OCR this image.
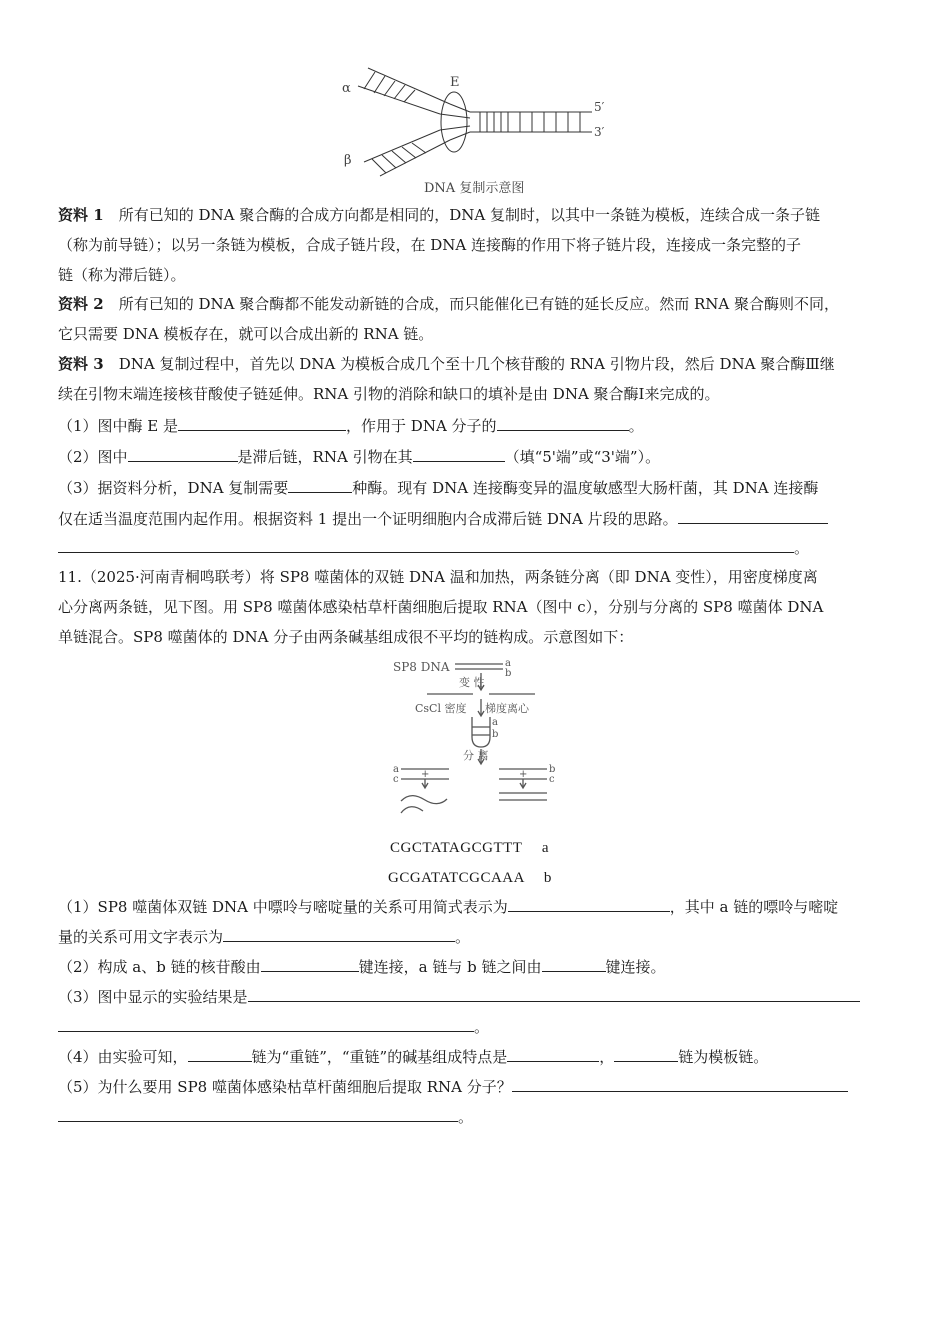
α
β
E
5′
3′
DNA 复制示意图
资料 1　 所有已知的 DNA 聚合酶的合成方向都是相同的，DNA 复制时，以其中一条链为模板，连续合成一条子链
（称为前导链）；以另一条链为模板，合成子链片段，在 DNA 连接酶的作用下将子链片段，连接成一条完整的子
链（称为滞后链）。
资料 2　 所有已知的 DNA 聚合酶都不能发动新链的合成，而只能催化已有链的延长反应。然而 RNA 聚合酶则不同，
它只需要 DNA 模板存在，就可以合成出新的 RNA 链。
资料 3　 DNA 复制过程中，首先以 DNA 为模板合成几个至十几个核苷酸的 RNA 引物片段，然后 DNA 聚合酶Ⅲ继
续在引物末端连接核苷酸使子链延伸。RNA 引物的消除和缺口的填补是由 DNA 聚合酶Ⅰ来完成的。
（1）图中酶 E 是	，作用于 DNA 分子的	。
（2）图中	是滞后链，RNA 引物在其	（填“5'端”或“3'端”）。
（3）据资料分析，DNA 复制需要	种酶。现有 DNA 连接酶变异的温度敏感型大肠杆菌，其 DNA 连接酶
仅在适当温度范围内起作用。根据资料 1 提出一个证明细胞内合成滞后链 DNA 片段的思路。
。
11.（2025·河南青桐鸣联考）将 SP8 噬菌体的双链 DNA 温和加热，两条链分离（即 DNA 变性），用密度梯度离
心分离两条链，见下图。用 SP8 噬菌体感染枯草杆菌细胞后提取 RNA（图中 c），分别与分离的 SP8 噬菌体 DNA
单链混合。SP8 噬菌体的 DNA 分子由两条碱基组成很不平均的链构成。示意图如下：
SP8 DNA	a
b
变 性
CsCl 密度 梯度离心
a
b
分 离
a
c +	b
c
+
CGCTATAGCGTTT　 a
GCGATATCGCAAA　 b
（1）SP8 噬菌体双链 DNA 中嘌呤与嘧啶量的关系可用简式表示为	，其中 a 链的嘌呤与嘧啶
量的关系可用文字表示为	。
（2）构成 a、b 链的核苷酸由	键连接，a 链与 b 链之间由	键连接。
（3）图中显示的实验结果是
。
（4）由实验可知，	链为“重链”，“重链”的碱基组成特点是	，	链为模板链。
（5）为什么要用 SP8 噬菌体感染枯草杆菌细胞后提取 RNA 分子？
。
